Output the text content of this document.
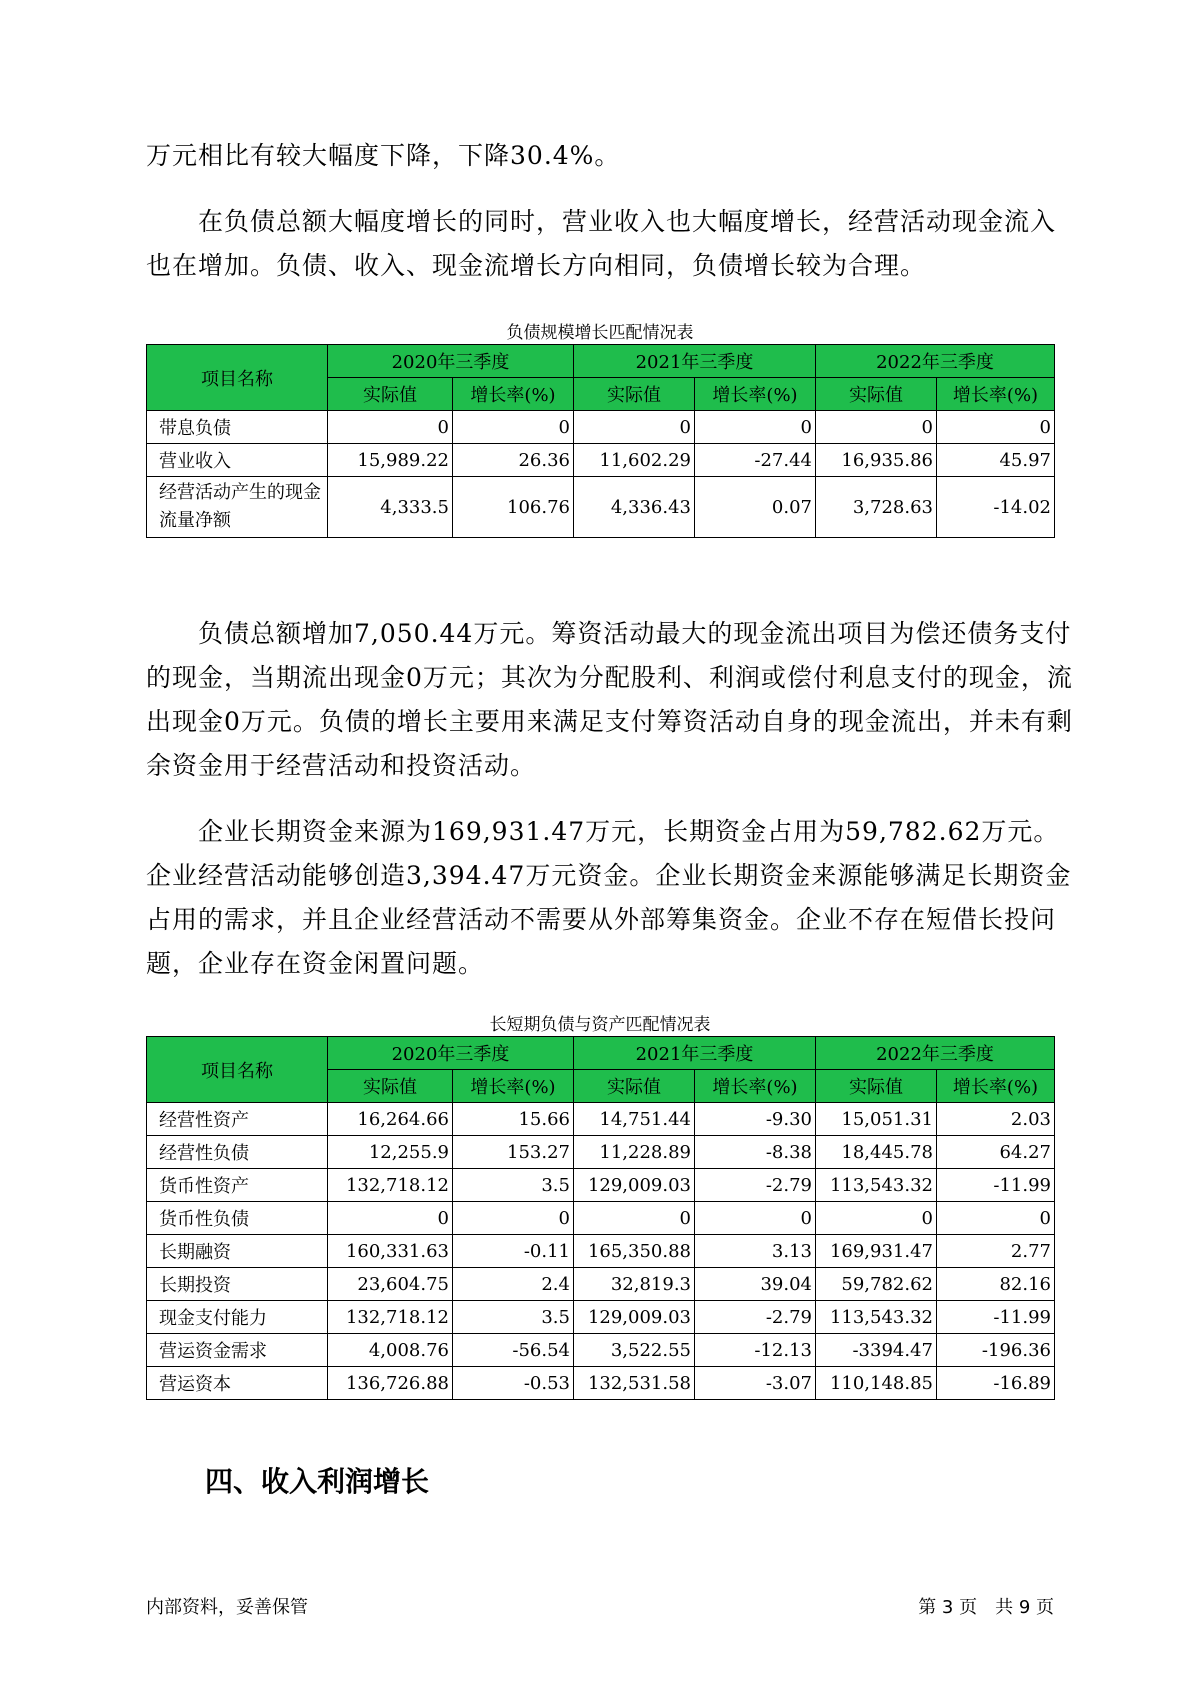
万元相比有较大幅度下降，下降30.4%。

　　在负债总额大幅度增长的同时，营业收入也大幅度增长，经营活动现金流入也在增加。负债、收入、现金流增长方向相同，负债增长较为合理。

负债规模增长匹配情况表

项目名称	2020年三季度		2021年三季度		2022年三季度	
	实际值	增长率(%)	实际值	增长率(%)	实际值	增长率(%)
带息负债	0	0	0	0	0	0
营业收入	15,989.22	26.36	11,602.29	-27.44	16,935.86	45.97
经营活动产生的现金流量净额	4,333.5	106.76	4,336.43	0.07	3,728.63	-14.02

　　负债总额增加7,050.44万元。筹资活动最大的现金流出项目为偿还债务支付的现金，当期流出现金0万元；其次为分配股利、利润或偿付利息支付的现金，流出现金0万元。负债的增长主要用来满足支付筹资活动自身的现金流出，并未有剩余资金用于经营活动和投资活动。

　　企业长期资金来源为169,931.47万元，长期资金占用为59,782.62万元。企业经营活动能够创造3,394.47万元资金。企业长期资金来源能够满足长期资金占用的需求，并且企业经营活动不需要从外部筹集资金。企业不存在短借长投问题，企业存在资金闲置问题。

长短期负债与资产匹配情况表

项目名称	2020年三季度		2021年三季度		2022年三季度	
	实际值	增长率(%)	实际值	增长率(%)	实际值	增长率(%)
经营性资产	16,264.66	15.66	14,751.44	-9.30	15,051.31	2.03
经营性负债	12,255.9	153.27	11,228.89	-8.38	18,445.78	64.27
货币性资产	132,718.12	3.5	129,009.03	-2.79	113,543.32	-11.99
货币性负债	0	0	0	0	0	0
长期融资	160,331.63	-0.11	165,350.88	3.13	169,931.47	2.77
长期投资	23,604.75	2.4	32,819.3	39.04	59,782.62	82.16
现金支付能力	132,718.12	3.5	129,009.03	-2.79	113,543.32	-11.99
营运资金需求	4,008.76	-56.54	3,522.55	-12.13	-3394.47	-196.36
营运资本	136,726.88	-0.53	132,531.58	-3.07	110,148.85	-16.89
四、收入利润增长
内部资料，妥善保管	第 3 页　共 9 页
